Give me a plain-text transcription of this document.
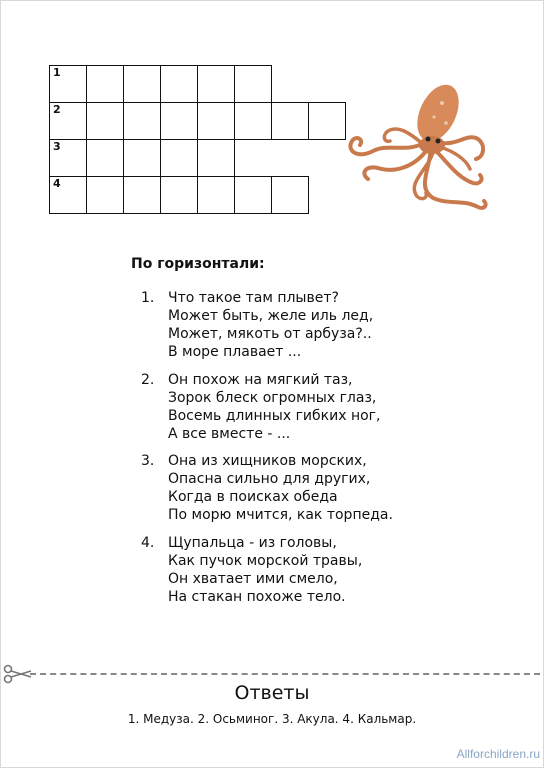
1
2
3
4
По горизонтали:
1. Что такое там плывет?
Может быть, желе иль лед,
Может, мякоть от арбуза?..
В море плавает ...
2. Он похож на мягкий таз,
Зорок блеск огромных глаз,
Восемь длинных гибких ног,
А все вместе - ...
3. Она из хищников морских,
Опасна сильно для других,
Когда в поисках обеда
По морю мчится, как торпеда.
4. Щупальца - из головы,
Как пучок морской травы,
Он хватает ими смело,
На стакан похоже тело.
Ответы
1. Медуза. 2. Осьминог. 3. Акула. 4. Кальмар.
Allforchildren.ru
